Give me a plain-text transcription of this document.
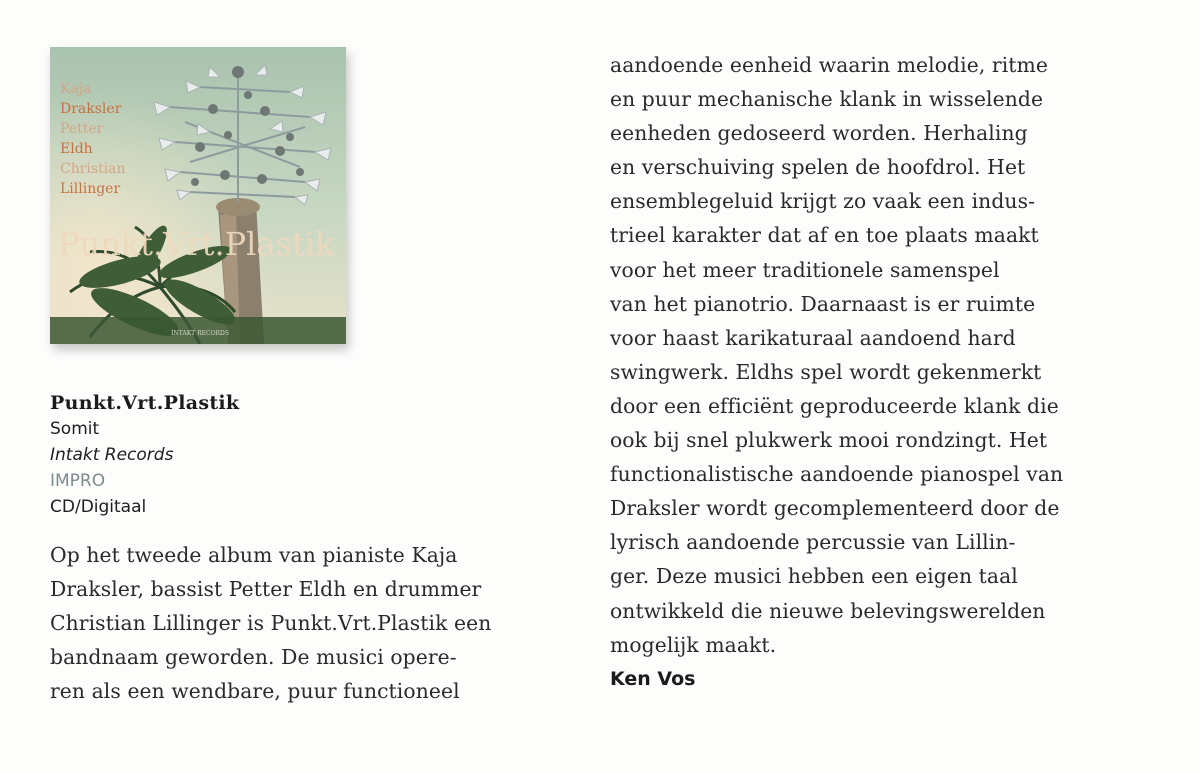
Kaja
Draksler
Petter
Eldh
Christian
Lillinger
Punkt.Vrt.Plastik
INTAKT RECORDS
Punkt.Vrt.Plastik
Somit
Intakt Records
IMPRO
CD/Digitaal

Op het tweede album van pianiste Kaja
Draksler, bassist Petter Eldh en drummer
Christian Lillinger is Punkt.Vrt.Plastik een
bandnaam geworden. De musici opere-
ren als een wendbare, puur functioneel

aandoende eenheid waarin melodie, ritme
en puur mechanische klank in wisselende
eenheden gedoseerd worden. Herhaling
en verschuiving spelen de hoofdrol. Het
ensemblegeluid krijgt zo vaak een indus-
trieel karakter dat af en toe plaats maakt
voor het meer traditionele samenspel
van het pianotrio. Daarnaast is er ruimte
voor haast karikaturaal aandoend hard
swingwerk. Eldhs spel wordt gekenmerkt
door een efficiënt geproduceerde klank die
ook bij snel plukwerk mooi rondzingt. Het
functionalistische aandoende pianospel van
Draksler wordt gecomplementeerd door de
lyrisch aandoende percussie van Lillin-
ger. Deze musici hebben een eigen taal
ontwikkeld die nieuwe belevingswerelden
mogelijk maakt.

Ken Vos
